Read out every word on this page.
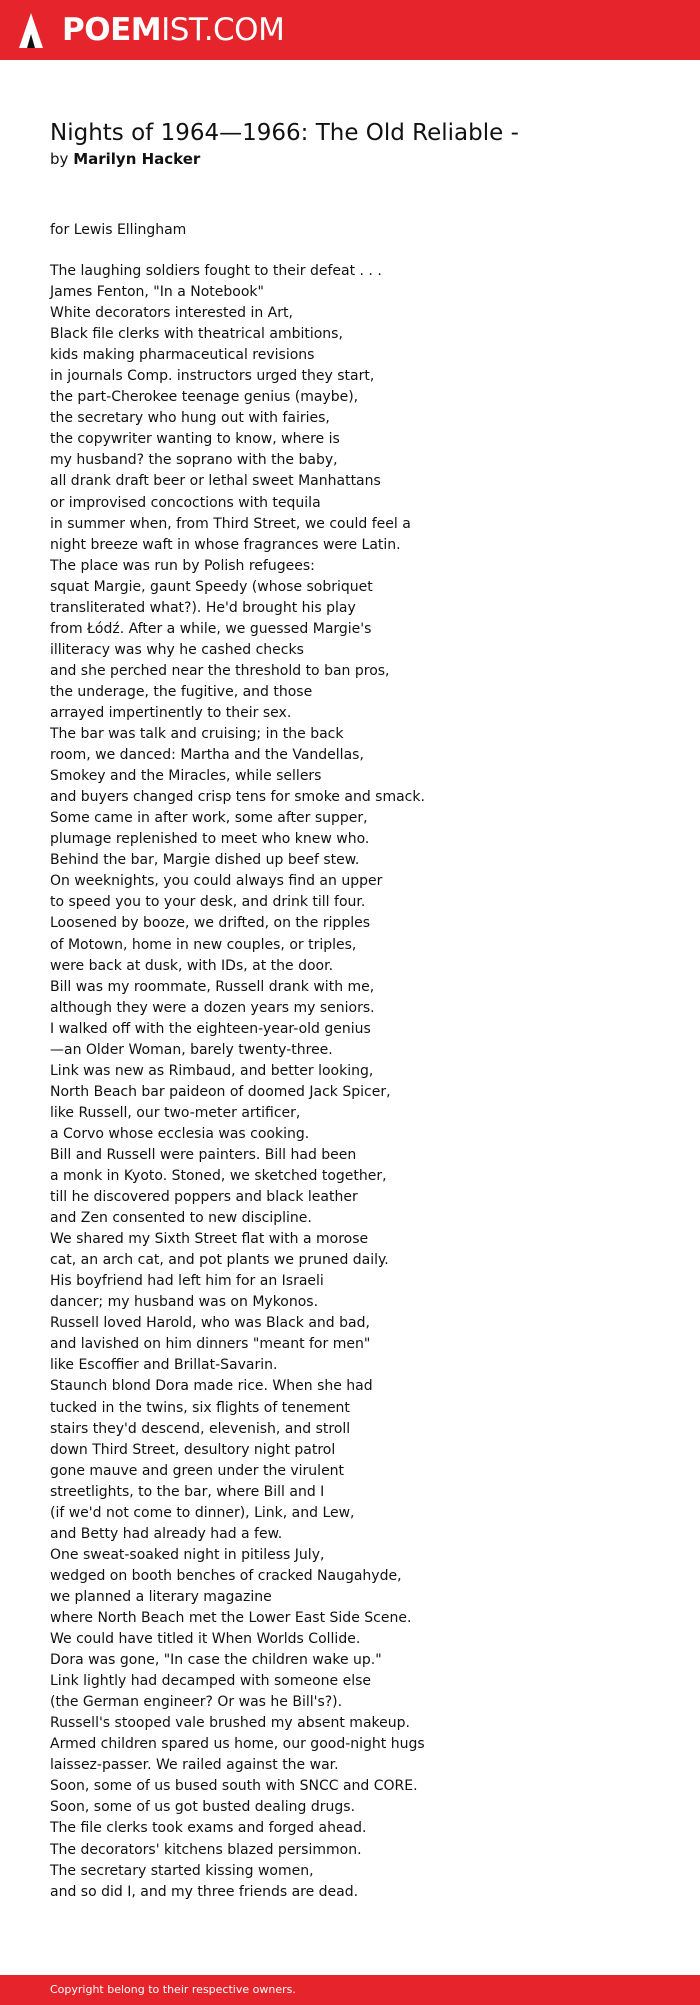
POEMIST.COM
Nights of 1964—1966: The Old Reliable -
by Marilyn Hacker
for Lewis Ellingham
The laughing soldiers fought to their defeat . . .
James Fenton, "In a Notebook"
White decorators interested in Art,
Black file clerks with theatrical ambitions,
kids making pharmaceutical revisions
in journals Comp. instructors urged they start,
the part-Cherokee teenage genius (maybe),
the secretary who hung out with fairies,
the copywriter wanting to know, where is
my husband? the soprano with the baby,
all drank draft beer or lethal sweet Manhattans
or improvised concoctions with tequila
in summer when, from Third Street, we could feel a
night breeze waft in whose fragrances were Latin.
The place was run by Polish refugees:
squat Margie, gaunt Speedy (whose sobriquet
transliterated what?). He'd brought his play
from Łódź. After a while, we guessed Margie's
illiteracy was why he cashed checks
and she perched near the threshold to ban pros,
the underage, the fugitive, and those
arrayed impertinently to their sex.
The bar was talk and cruising; in the back
room, we danced: Martha and the Vandellas,
Smokey and the Miracles, while sellers
and buyers changed crisp tens for smoke and smack.
Some came in after work, some after supper,
plumage replenished to meet who knew who.
Behind the bar, Margie dished up beef stew.
On weeknights, you could always find an upper
to speed you to your desk, and drink till four.
Loosened by booze, we drifted, on the ripples
of Motown, home in new couples, or triples,
were back at dusk, with IDs, at the door.
Bill was my roommate, Russell drank with me,
although they were a dozen years my seniors.
I walked off with the eighteen-year-old genius
—an Older Woman, barely twenty-three.
Link was new as Rimbaud, and better looking,
North Beach bar paideon of doomed Jack Spicer,
like Russell, our two-meter artificer,
a Corvo whose ecclesia was cooking.
Bill and Russell were painters. Bill had been
a monk in Kyoto. Stoned, we sketched together,
till he discovered poppers and black leather
and Zen consented to new discipline.
We shared my Sixth Street flat with a morose
cat, an arch cat, and pot plants we pruned daily.
His boyfriend had left him for an Israeli
dancer; my husband was on Mykonos.
Russell loved Harold, who was Black and bad,
and lavished on him dinners "meant for men"
like Escoffier and Brillat-Savarin.
Staunch blond Dora made rice. When she had
tucked in the twins, six flights of tenement
stairs they'd descend, elevenish, and stroll
down Third Street, desultory night patrol
gone mauve and green under the virulent
streetlights, to the bar, where Bill and I
(if we'd not come to dinner), Link, and Lew,
and Betty had already had a few.
One sweat-soaked night in pitiless July,
wedged on booth benches of cracked Naugahyde,
we planned a literary magazine
where North Beach met the Lower East Side Scene.
We could have titled it When Worlds Collide.
Dora was gone, "In case the children wake up."
Link lightly had decamped with someone else
(the German engineer? Or was he Bill's?).
Russell's stooped vale brushed my absent makeup.
Armed children spared us home, our good-night hugs
laissez-passer. We railed against the war.
Soon, some of us bused south with SNCC and CORE.
Soon, some of us got busted dealing drugs.
The file clerks took exams and forged ahead.
The decorators' kitchens blazed persimmon.
The secretary started kissing women,
and so did I, and my three friends are dead.
Copyright belong to their respective owners.
